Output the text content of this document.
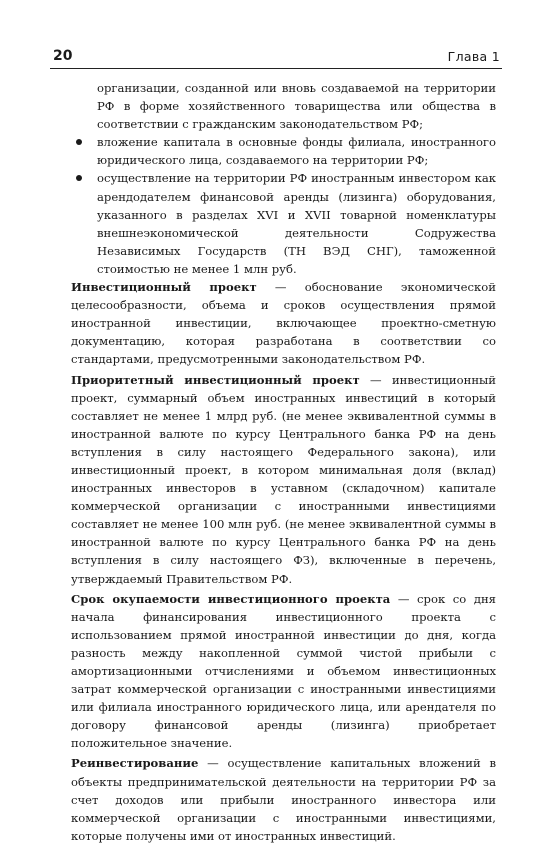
20	Глава 1

организации, созданной или вновь создаваемой на территории РФ в форме хозяйственного товарищества или общества в соответствии с гражданским законодательством РФ;

вложение капитала в основные фонды филиала, иностранного юридического лица, создаваемого на территории РФ;
осуществление на территории РФ иностранным инвестором как арендодателем финансовой аренды (лизинга) оборудования, указанного в разделах XVI и XVII товарной номенклатуры внешнеэкономической деятельности Содружества Независимых Государств (ТН ВЭД СНГ), таможенной стоимостью не менее 1 млн руб.

Инвестиционный проект — обоснование экономической целесообразности, объема и сроков осуществления прямой иностранной инвестиции, включающее проектно-сметную документацию, которая разработана в соответствии со стандартами, предусмотренными законодательством РФ.

Приоритетный инвестиционный проект — инвестиционный проект, суммарный объем иностранных инвестиций в который составляет не менее 1 млрд руб. (не менее эквивалентной суммы в иностранной валюте по курсу Центрального банка РФ на день вступления в силу настоящего Федерального закона), или инвестиционный проект, в котором минимальная доля (вклад) иностранных инвесторов в уставном (складочном) капитале коммерческой организации с иностранными инвестициями составляет не менее 100 млн руб. (не менее эквивалентной суммы в иностранной валюте по курсу Центрального банка РФ на день вступления в силу настоящего ФЗ), включенные в перечень, утверждаемый Правительством РФ.

Срок окупаемости инвестиционного проекта — срок со дня начала финансирования инвестиционного проекта с использованием прямой иностранной инвестиции до дня, когда разность между накопленной суммой чистой прибыли с амортизационными отчислениями и объемом инвестиционных затрат коммерческой организации с иностранными инвестициями или филиала иностранного юридического лица, или арендателя по договору финансовой аренды (лизинга) приобретает положительное значение.

Реинвестирование — осуществление капитальных вложений в объекты предпринимательской деятельности на территории РФ за счет доходов или прибыли иностранного инвестора или коммерческой организации с иностранными инвестициями, которые получены ими от иностранных инвестиций.
